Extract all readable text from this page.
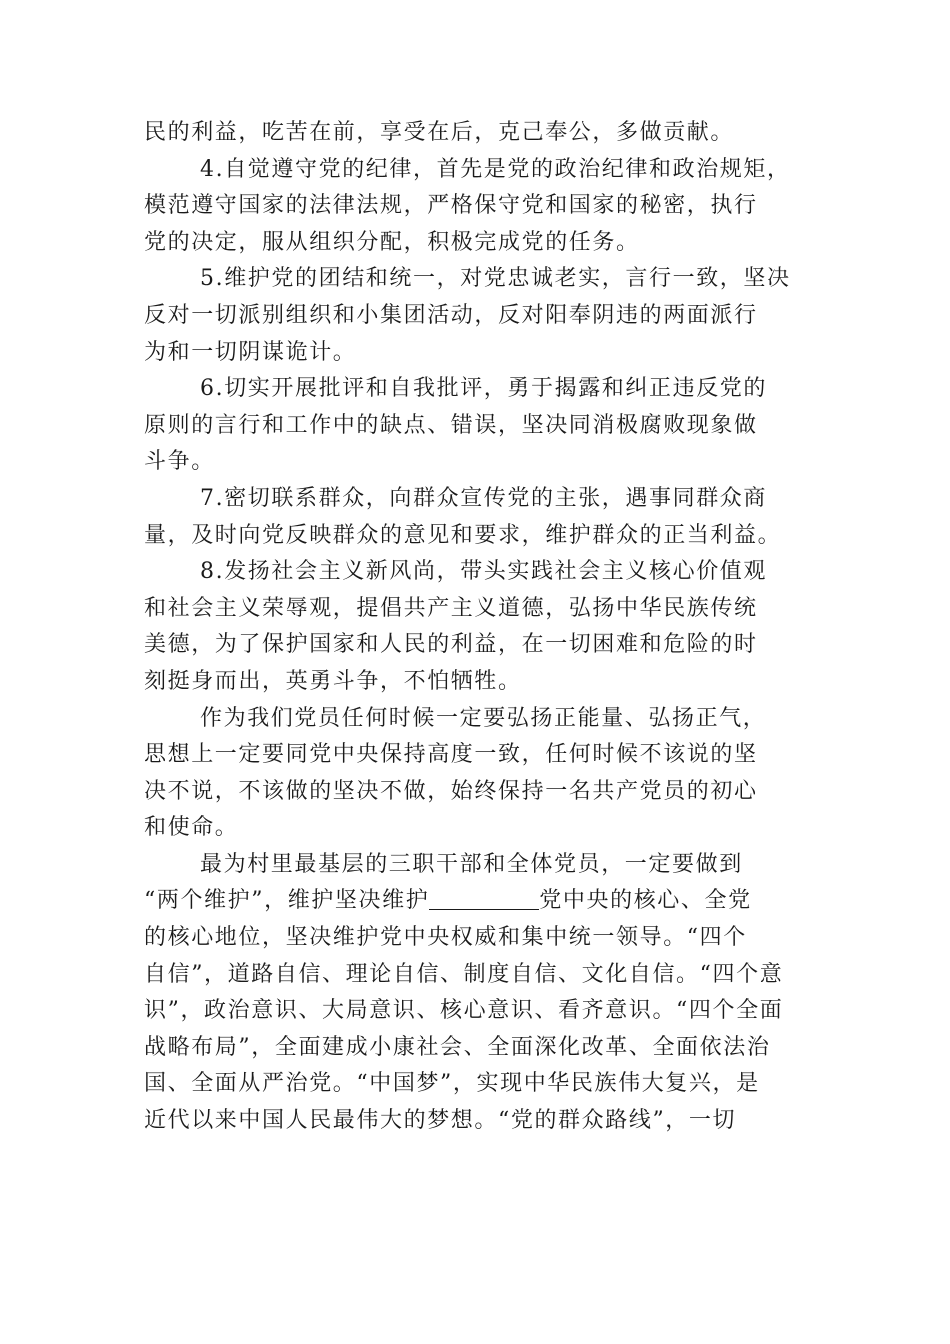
民的利益，吃苦在前，享受在后，克己奉公，多做贡献。
4.自觉遵守党的纪律，首先是党的政治纪律和政治规矩，
模范遵守国家的法律法规，严格保守党和国家的秘密，执行
党的决定，服从组织分配，积极完成党的任务。
5.维护党的团结和统一，对党忠诚老实，言行一致，坚决
反对一切派别组织和小集团活动，反对阳奉阴违的两面派行
为和一切阴谋诡计。
6.切实开展批评和自我批评，勇于揭露和纠正违反党的
原则的言行和工作中的缺点、错误，坚决同消极腐败现象做
斗争。
7.密切联系群众，向群众宣传党的主张，遇事同群众商
量，及时向党反映群众的意见和要求，维护群众的正当利益。
8.发扬社会主义新风尚，带头实践社会主义核心价值观
和社会主义荣辱观，提倡共产主义道德，弘扬中华民族传统
美德，为了保护国家和人民的利益，在一切困难和危险的时
刻挺身而出，英勇斗争，不怕牺牲。
作为我们党员任何时候一定要弘扬正能量、弘扬正气，
思想上一定要同党中央保持高度一致，任何时候不该说的坚
决不说，不该做的坚决不做，始终保持一名共产党员的初心
和使命。
最为村里最基层的三职干部和全体党员，一定要做到
“两个维护”，维护坚决维护	党中央的核心、全党
的核心地位，坚决维护党中央权威和集中统一领导。“四个
自信”，道路自信、理论自信、制度自信、文化自信。“四个意
识”，政治意识、大局意识、核心意识、看齐意识。“四个全面
战略布局”，全面建成小康社会、全面深化改革、全面依法治
国、全面从严治党。“中国梦”，实现中华民族伟大复兴，是
近代以来中国人民最伟大的梦想。“党的群众路线”，一切
